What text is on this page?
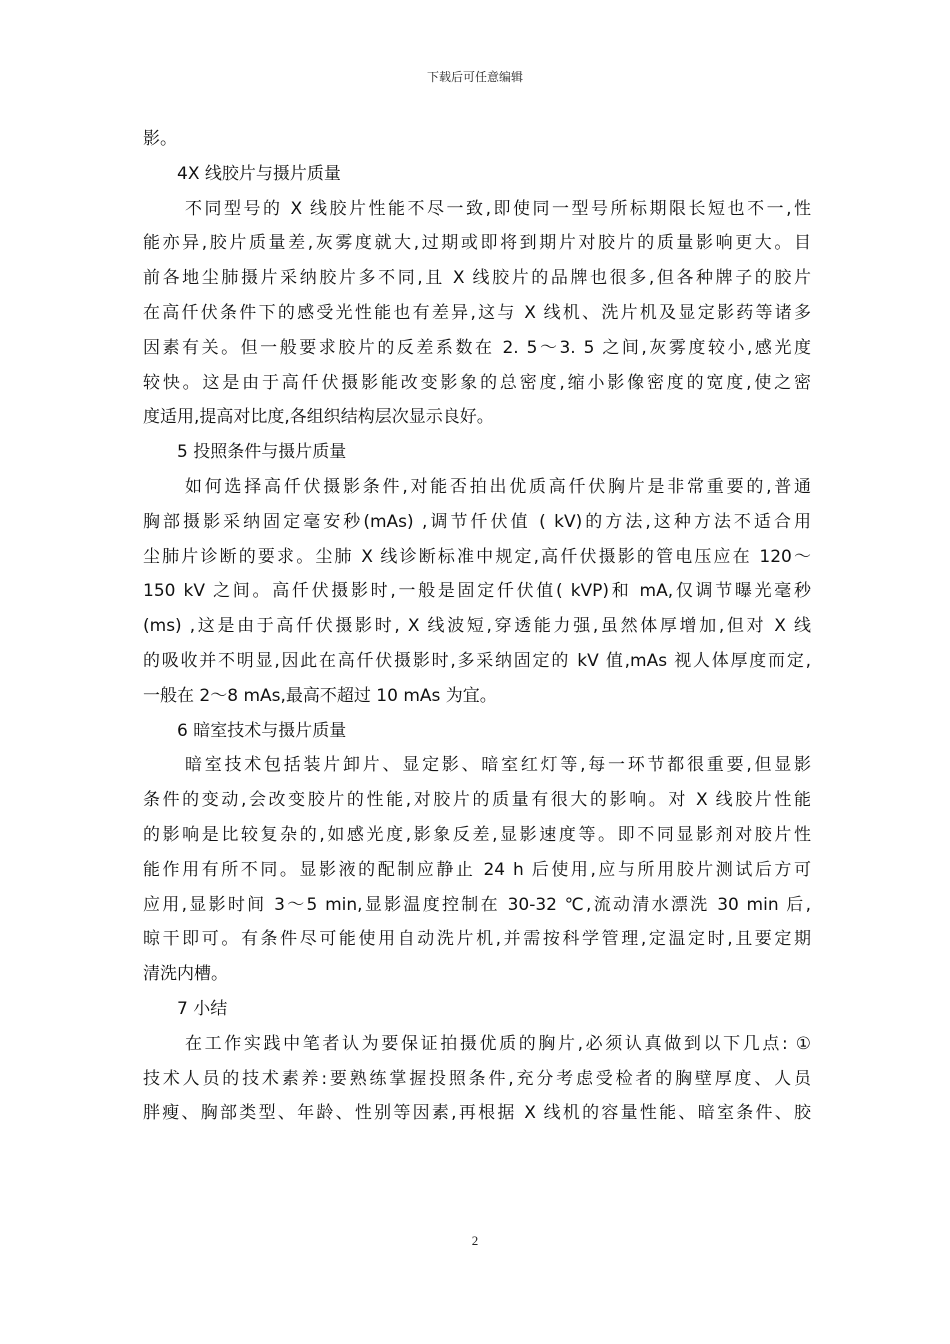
下载后可任意编辑
影。
4X 线胶片与摄片质量
不同型号的 X 线胶片性能不尽一致,即使同一型号所标期限长短也不一,性
能亦异,胶片质量差,灰雾度就大,过期或即将到期片对胶片的质量影响更大。目
前各地尘肺摄片采纳胶片多不同,且 X 线胶片的品牌也很多,但各种牌子的胶片
在高仟伏条件下的感受光性能也有差异,这与 X 线机、洗片机及显定影药等诸多
因素有关。但一般要求胶片的反差系数在 2. 5～3. 5 之间,灰雾度较小,感光度
较快。这是由于高仟伏摄影能改变影象的总密度,缩小影像密度的宽度,使之密
度适用,提高对比度,各组织结构层次显示良好。
5 投照条件与摄片质量
如何选择高仟伏摄影条件,对能否拍出优质高仟伏胸片是非常重要的,普通
胸部摄影采纳固定毫安秒(mAs) ,调节仟伏值 ( kV)的方法,这种方法不适合用
尘肺片诊断的要求。尘肺 X 线诊断标准中规定,高仟伏摄影的管电压应在 120～
150 kV 之间。高仟伏摄影时,一般是固定仟伏值( kVP)和 mA,仅调节曝光毫秒
(ms) ,这是由于高仟伏摄影时, X 线波短,穿透能力强,虽然体厚增加,但对 X 线
的吸收并不明显,因此在高仟伏摄影时,多采纳固定的 kV 值,mAs 视人体厚度而定,
一般在 2～8 mAs,最高不超过 10 mAs 为宜。
6 暗室技术与摄片质量
暗室技术包括装片卸片、显定影、暗室红灯等,每一环节都很重要,但显影
条件的变动,会改变胶片的性能,对胶片的质量有很大的影响。对 X 线胶片性能
的影响是比较复杂的,如感光度,影象反差,显影速度等。即不同显影剂对胶片性
能作用有所不同。显影液的配制应静止 24 h 后使用,应与所用胶片测试后方可
应用,显影时间 3～5 min,显影温度控制在 30-32 ℃,流动清水漂洗 30 min 后,
晾干即可。有条件尽可能使用自动洗片机,并需按科学管理,定温定时,且要定期
清洗内槽。
7 小结
在工作实践中笔者认为要保证拍摄优质的胸片,必须认真做到以下几点: ①
技术人员的技术素养:要熟练掌握投照条件,充分考虑受检者的胸壁厚度、人员
胖瘦、胸部类型、年龄、性别等因素,再根据 X 线机的容量性能、暗室条件、胶
2
